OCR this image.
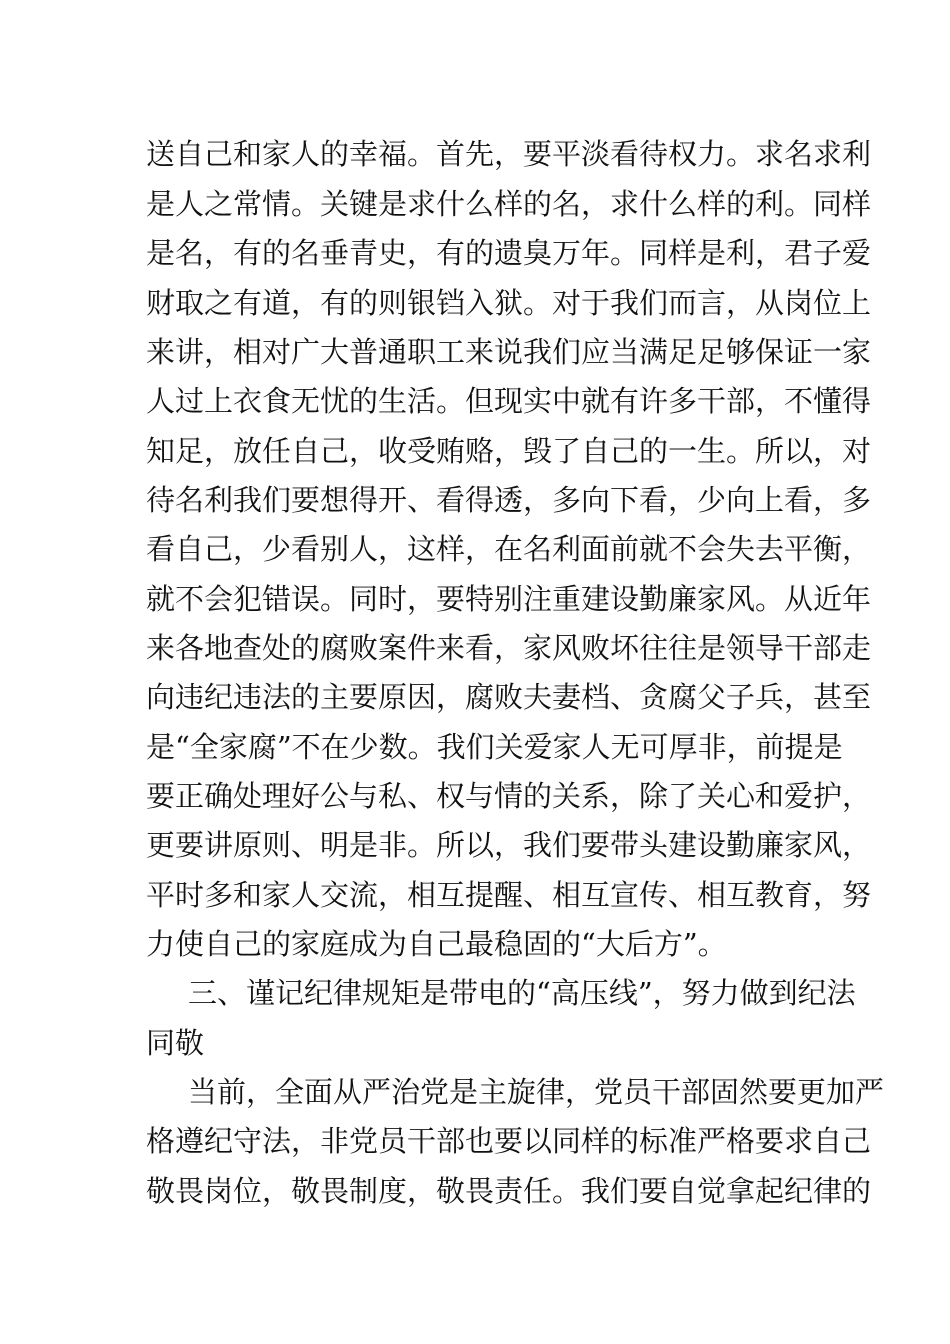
送自己和家人的幸福。首先，要平淡看待权力。求名求利
是人之常情。关键是求什么样的名，求什么样的利。同样
是名，有的名垂青史，有的遗臭万年。同样是利，君子爱
财取之有道，有的则银铛入狱。对于我们而言，从岗位上
来讲，相对广大普通职工来说我们应当满足足够保证一家
人过上衣食无忧的生活。但现实中就有许多干部，不懂得
知足，放任自己，收受贿赂，毁了自己的一生。所以，对
待名利我们要想得开、看得透，多向下看，少向上看，多
看自己，少看别人，这样，在名利面前就不会失去平衡，
就不会犯错误。同时，要特别注重建设勤廉家风。从近年
来各地查处的腐败案件来看，家风败坏往往是领导干部走
向违纪违法的主要原因，腐败夫妻档、贪腐父子兵，甚至
是“全家腐”不在少数。我们关爱家人无可厚非，前提是
要正确处理好公与私、权与情的关系，除了关心和爱护，
更要讲原则、明是非。所以，我们要带头建设勤廉家风，
平时多和家人交流，相互提醒、相互宣传、相互教育，努
力使自己的家庭成为自己最稳固的“大后方”。
三、谨记纪律规矩是带电的“高压线”，努力做到纪法
同敬
当前，全面从严治党是主旋律，党员干部固然要更加严
格遵纪守法，非党员干部也要以同样的标准严格要求自己
敬畏岗位，敬畏制度，敬畏责任。我们要自觉拿起纪律的
